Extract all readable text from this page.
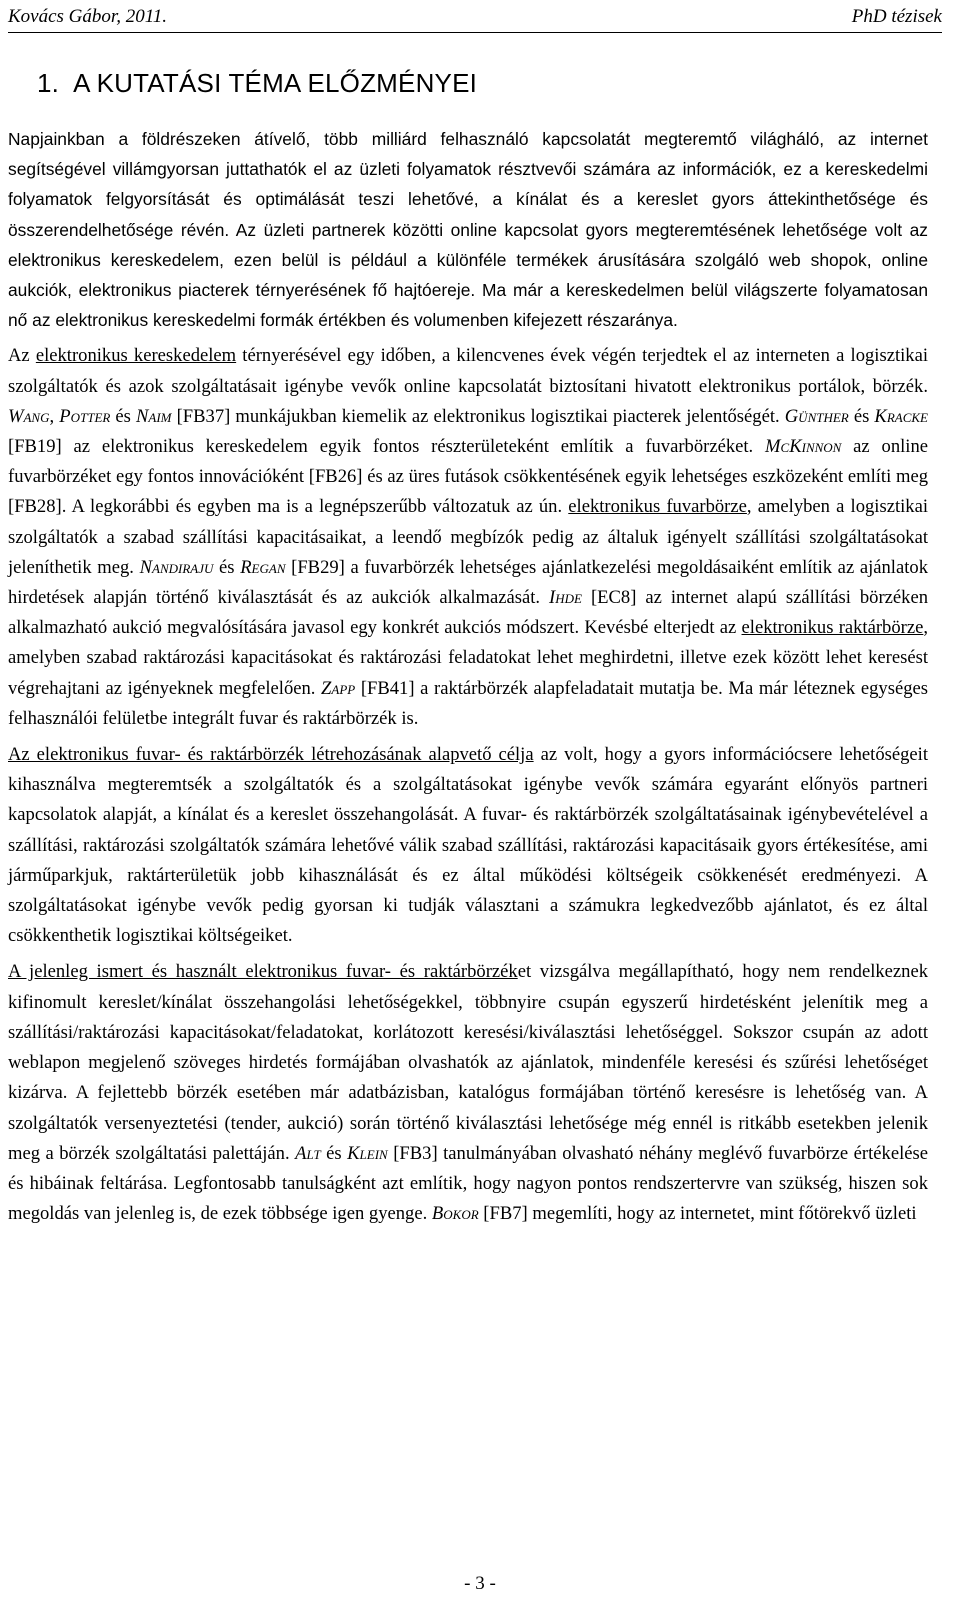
Kovács Gábor, 2011.	PhD tézisek
1. A KUTATÁSI TÉMA ELŐZMÉNYEI

Napjainkban a földrészeken átívelő, több milliárd felhasználó kapcsolatát megteremtő világháló, az internet segítségével villámgyorsan juttathatók el az üzleti folyamatok résztvevői számára az információk, ez a kereskedelmi folyamatok felgyorsítását és optimálását teszi lehetővé, a kínálat és a kereslet gyors áttekinthetősége és összerendelhetősége révén. Az üzleti partnerek közötti online kapcsolat gyors megteremtésének lehetősége volt az elektronikus kereskedelem, ezen belül is például a különféle termékek árusítására szolgáló web shopok, online aukciók, elektronikus piacterek térnyerésének fő hajtóereje. Ma már a kereskedelmen belül világszerte folyamatosan nő az elektronikus kereskedelmi formák értékben és volumenben kifejezett részaránya.

Az elektronikus kereskedelem térnyerésével egy időben, a kilencvenes évek végén terjedtek el az interneten a logisztikai szolgáltatók és azok szolgáltatásait igénybe vevők online kapcsolatát biztosítani hivatott elektronikus portálok, börzék. Wang, Potter és Naim [FB37] munkájukban kiemelik az elektronikus logisztikai piacterek jelentőségét. Günther és Kracke [FB19] az elektronikus kereskedelem egyik fontos részterületeként említik a fuvarbörzéket. McKinnon az online fuvarbörzéket egy fontos innovációként [FB26] és az üres futások csökkentésének egyik lehetséges eszközeként említi meg [FB28]. A legkorábbi és egyben ma is a legnépszerűbb változatuk az ún. elektronikus fuvarbörze, amelyben a logisztikai szolgáltatók a szabad szállítási kapacitásaikat, a leendő megbízók pedig az általuk igényelt szállítási szolgáltatásokat jeleníthetik meg. Nandiraju és Regan [FB29] a fuvarbörzék lehetséges ajánlatkezelési megoldásaiként említik az ajánlatok hirdetések alapján történő kiválasztását és az aukciók alkalmazását. Ihde [EC8] az internet alapú szállítási börzéken alkalmazható aukció megvalósítására javasol egy konkrét aukciós módszert. Kevésbé elterjedt az elektronikus raktárbörze, amelyben szabad raktározási kapacitásokat és raktározási feladatokat lehet meghirdetni, illetve ezek között lehet keresést végrehajtani az igényeknek megfelelően. Zapp [FB41] a raktárbörzék alapfeladatait mutatja be. Ma már léteznek egységes felhasználói felületbe integrált fuvar és raktárbörzék is.

Az elektronikus fuvar- és raktárbörzék létrehozásának alapvető célja az volt, hogy a gyors információcsere lehetőségeit kihasználva megteremtsék a szolgáltatók és a szolgáltatásokat igénybe vevők számára egyaránt előnyös partneri kapcsolatok alapját, a kínálat és a kereslet összehangolását. A fuvar- és raktárbörzék szolgáltatásainak igénybevételével a szállítási, raktározási szolgáltatók számára lehetővé válik szabad szállítási, raktározási kapacitásaik gyors értékesítése, ami járműparkjuk, raktárterületük jobb kihasználását és ez által működési költségeik csökkenését eredményezi. A szolgáltatásokat igénybe vevők pedig gyorsan ki tudják választani a számukra legkedvezőbb ajánlatot, és ez által csökkenthetik logisztikai költségeiket.

A jelenleg ismert és használt elektronikus fuvar- és raktárbörzéket vizsgálva megállapítható, hogy nem rendelkeznek kifinomult kereslet/kínálat összehangolási lehetőségekkel, többnyire csupán egyszerű hirdetésként jelenítik meg a szállítási/raktározási kapacitásokat/feladatokat, korlátozott keresési/kiválasztási lehetőséggel. Sokszor csupán az adott weblapon megjelenő szöveges hirdetés formájában olvashatók az ajánlatok, mindenféle keresési és szűrési lehetőséget kizárva. A fejlettebb börzék esetében már adatbázisban, katalógus formájában történő keresésre is lehetőség van. A szolgáltatók versenyeztetési (tender, aukció) során történő kiválasztási lehetősége még ennél is ritkább esetekben jelenik meg a börzék szolgáltatási palettáján. Alt és Klein [FB3] tanulmányában olvasható néhány meglévő fuvarbörze értékelése és hibáinak feltárása. Legfontosabb tanulságként azt említik, hogy nagyon pontos rendszertervre van szükség, hiszen sok megoldás van jelenleg is, de ezek többsége igen gyenge. Bokor [FB7] megemlíti, hogy az internetet, mint főtörekvő üzleti

- 3 -
